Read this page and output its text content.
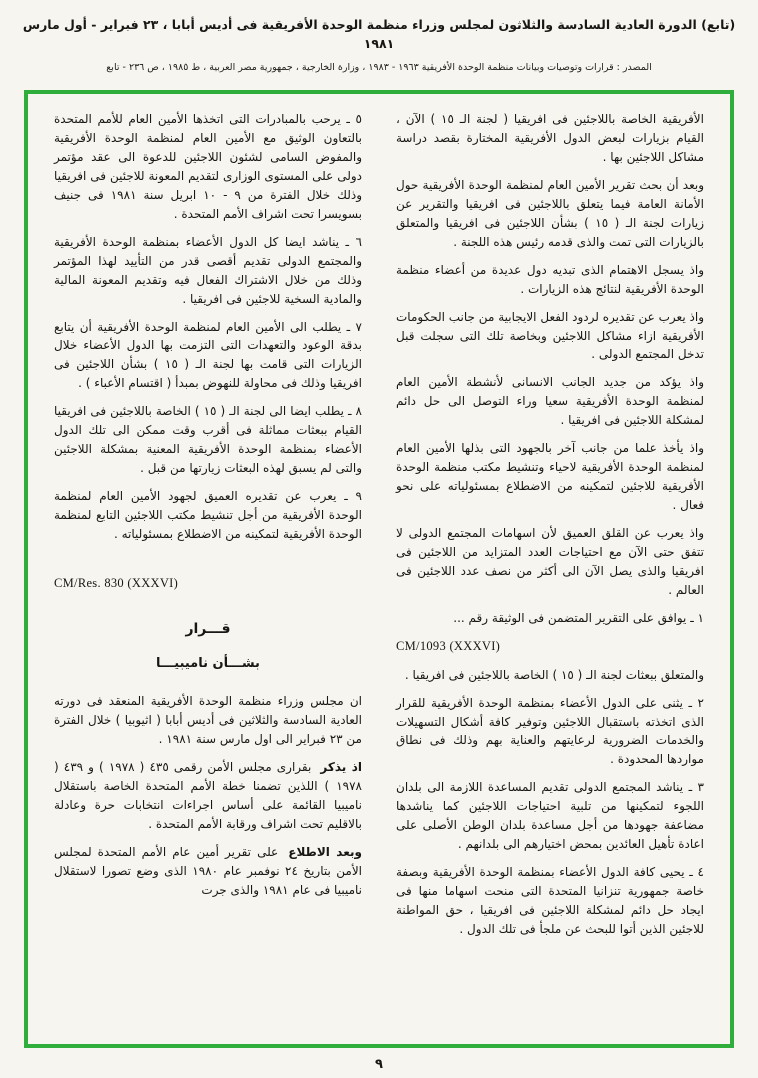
(تابع) الدورة العادية السادسة والثلاثون لمجلس وزراء منظمة الوحدة الأفريقية فى أديس أبابا ، ٢٣ فبراير - أول مارس ١٩٨١
المصدر : قرارات وتوصيات وبيانات منظمة الوحدة الأفريقية ١٩٦٣ - ١٩٨٣ ، وزارة الخارجية ، جمهورية مصر العربية ، ط ١٩٨٥ ، ص ٢٣٦ - تابع

الأفريقية الخاصة باللاجئين فى افريقيا ( لجنة الـ ١٥ ) الآن ، القيام بزيارات لبعض الدول الأفريقية المختارة بقصد دراسة مشاكل اللاجئين بها .

وبعد أن بحث تقرير الأمين العام لمنظمة الوحدة الأفريقية حول الأمانة العامة فيما يتعلق باللاجئين فى افريقيا والتقرير عن زيارات لجنة الـ ( ١٥ ) بشأن اللاجئين فى افريقيا والمتعلق بالزيارات التى تمت والذى قدمه رئيس هذه اللجنة .

واذ يسجل الاهتمام الذى تبديه دول عديدة من أعضاء منظمة الوحدة الأفريقية لنتائج هذه الزيارات .

واذ يعرب عن تقديره لردود الفعل الايجابية من جانب الحكومات الأفريقية ازاء مشاكل اللاجئين وبخاصة تلك التى سجلت قبل تدخل المجتمع الدولى .

واذ يؤكد من جديد الجانب الانسانى لأنشطة الأمين العام لمنظمة الوحدة الأفريقية سعيا وراء التوصل الى حل دائم لمشكلة اللاجئين فى افريقيا .

واذ يأخذ علما من جانب آخر بالجهود التى بذلها الأمين العام لمنظمة الوحدة الأفريقية لاحياء وتنشيط مكتب منظمة الوحدة الأفريقية للاجئين لتمكينه من الاضطلاع بمسئولياته على نحو فعال .

واذ يعرب عن القلق العميق لأن اسهامات المجتمع الدولى لا تتفق حتى الآن مع احتياجات العدد المتزايد من اللاجئين فى افريقيا والذى يصل الآن الى أكثر من نصف عدد اللاجئين فى العالم .

١ ـ يوافق على التقرير المتضمن فى الوثيقة رقم ...

CM/1093 (XXXVI)

والمتعلق ببعثات لجنة الـ ( ١٥ ) الخاصة باللاجئين فى افريقيا .

٢ ـ يثنى على الدول الأعضاء بمنظمة الوحدة الأفريقية للقرار الذى اتخذته باستقبال اللاجئين وتوفير كافة أشكال التسهيلات والخدمات الضرورية لرعايتهم والعناية بهم وذلك فى نطاق مواردها المحدودة .

٣ ـ يناشد المجتمع الدولى تقديم المساعدة اللازمة الى بلدان اللجوء لتمكينها من تلبية احتياجات اللاجئين كما يناشدها مضاعفة جهودها من أجل مساعدة بلدان الوطن الأصلى على اعادة تأهيل العائدين بمحض اختيارهم الى بلدانهم .

٤ ـ يحيى كافة الدول الأعضاء بمنظمة الوحدة الأفريقية وبصفة خاصة جمهورية تنزانيا المتحدة التى منحت اسهاما منها فى ايجاد حل دائم لمشكلة اللاجئين فى افريقيا ، حق المواطنة للاجئين الذين أتوا للبحث عن ملجأ فى تلك الدول .

٥ ـ يرحب بالمبادرات التى اتخذها الأمين العام للأمم المتحدة بالتعاون الوثيق مع الأمين العام لمنظمة الوحدة الأفريقية والمفوض السامى لشئون اللاجئين للدعوة الى عقد مؤتمر دولى على المستوى الوزارى لتقديم المعونة للاجئين فى افريقيا وذلك خلال الفترة من ٩ - ١٠ ابريل سنة ١٩٨١ فى جنيف بسويسرا تحت اشراف الأمم المتحدة .

٦ ـ يناشد ايضا كل الدول الأعضاء بمنظمة الوحدة الأفريقية والمجتمع الدولى تقديم أقصى قدر من التأييد لهذا المؤتمر وذلك من خلال الاشتراك الفعال فيه وتقديم المعونة المالية والمادية السخية للاجئين فى افريقيا .

٧ ـ يطلب الى الأمين العام لمنظمة الوحدة الأفريقية أن يتابع بدقة الوعود والتعهدات التى التزمت بها الدول الأعضاء خلال الزيارات التى قامت بها لجنة الـ ( ١٥ ) بشأن اللاجئين فى افريقيا وذلك فى محاولة للنهوض بمبدأ ( اقتسام الأعباء ) .

٨ ـ يطلب ايضا الى لجنة الـ ( ١٥ ) الخاصة باللاجئين فى افريقيا القيام ببعثات مماثلة فى أقرب وقت ممكن الى تلك الدول الأعضاء بمنظمة الوحدة الأفريقية المعنية بمشكلة اللاجئين والتى لم يسبق لهذه البعثات زيارتها من قبل .

٩ ـ يعرب عن تقديره العميق لجهود الأمين العام لمنظمة الوحدة الأفريقية من أجل تنشيط مكتب اللاجئين التابع لمنظمة الوحدة الأفريقية لتمكينه من الاضطلاع بمسئولياته .

CM/Res. 830 (XXXVI)

قـــرار
بشـــأن ناميبيـــا

ان مجلس وزراء منظمة الوحدة الأفريقية المنعقد فى دورته العادية السادسة والثلاثين فى أديس أبابا ( اثيوبيا ) خلال الفترة من ٢٣ فبراير الى اول مارس سنة ١٩٨١ .

اذ يذكر بقرارى مجلس الأمن رقمى ٤٣٥ ( ١٩٧٨ ) و ٤٣٩ ( ١٩٧٨ ) اللذين تضمنا خطة الأمم المتحدة الخاصة باستقلال ناميبيا القائمة على أساس اجراءات انتخابات حرة وعادلة بالاقليم تحت اشراف ورقابة الأمم المتحدة .

وبعد الاطلاع على تقرير أمين عام الأمم المتحدة لمجلس الأمن بتاريخ ٢٤ نوفمبر عام ١٩٨٠ الذى وضع تصورا لاستقلال ناميبيا فى عام ١٩٨١ والذى جرت

٩
